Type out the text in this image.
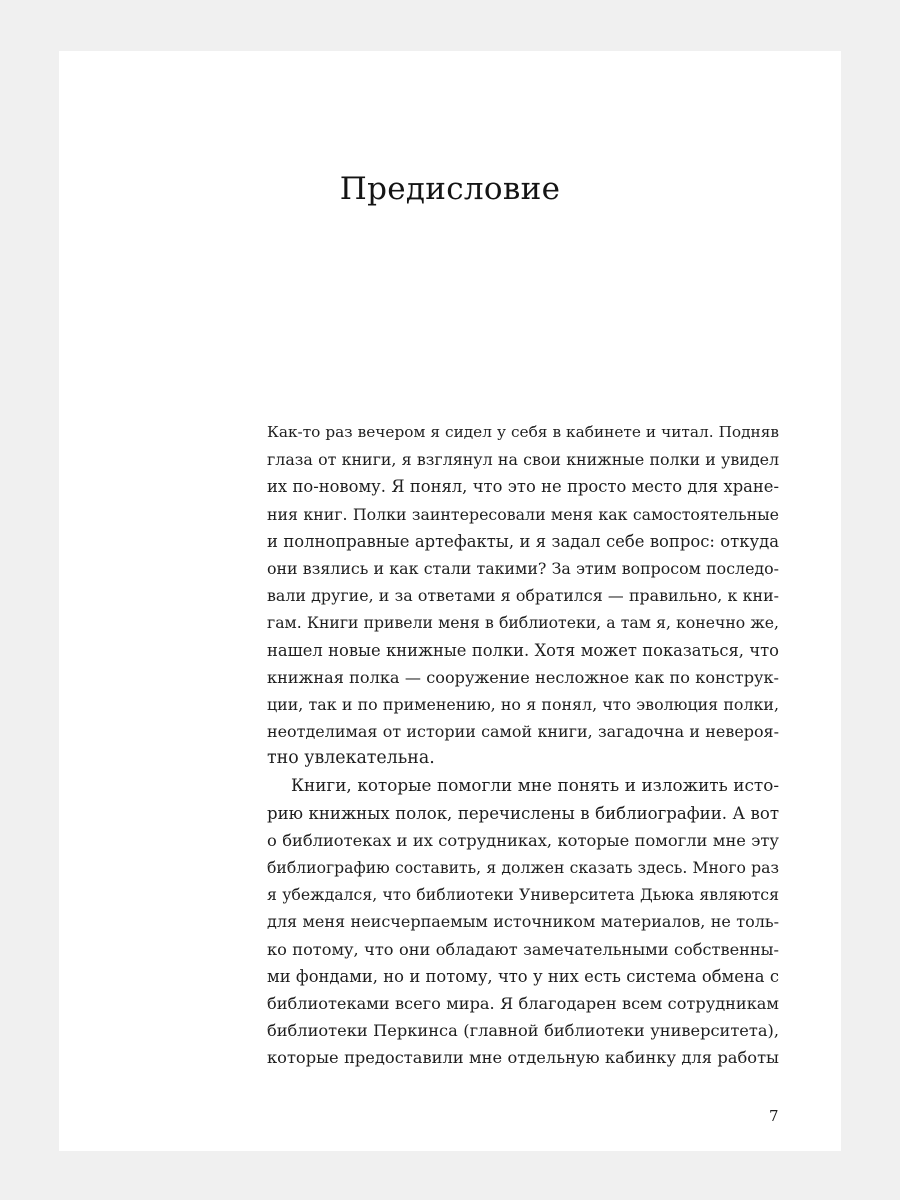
Предисловие
Как-то раз вечером я сидел у себя в кабинете и читал. Подняв
глаза от книги, я взглянул на свои книжные полки и увидел
их по-новому. Я понял, что это не просто место для хране-
ния книг. Полки заинтересовали меня как самостоятельные
и полноправные артефакты, и я задал себе вопрос: откуда
они взялись и как стали такими? За этим вопросом последо-
вали другие, и за ответами я обратился — правильно, к кни-
гам. Книги привели меня в библиотеки, а там я, конечно же,
нашел новые книжные полки. Хотя может показаться, что
книжная полка — сооружение несложное как по конструк-
ции, так и по применению, но я понял, что эволюция полки,
неотделимая от истории самой книги, загадочна и невероя-
тно увлекательна.
Книги, которые помогли мне понять и изложить исто-
рию книжных полок, перечислены в библиографии. А вот
о библиотеках и их сотрудниках, которые помогли мне эту
библиографию составить, я должен сказать здесь. Много раз
я убеждался, что библиотеки Университета Дьюка являются
для меня неисчерпаемым источником материалов, не толь-
ко потому, что они обладают замечательными собственны-
ми фондами, но и потому, что у них есть система обмена с
библиотеками всего мира. Я благодарен всем сотрудникам
библиотеки Перкинса (главной библиотеки университета),
которые предоставили мне отдельную кабинку для работы
7
